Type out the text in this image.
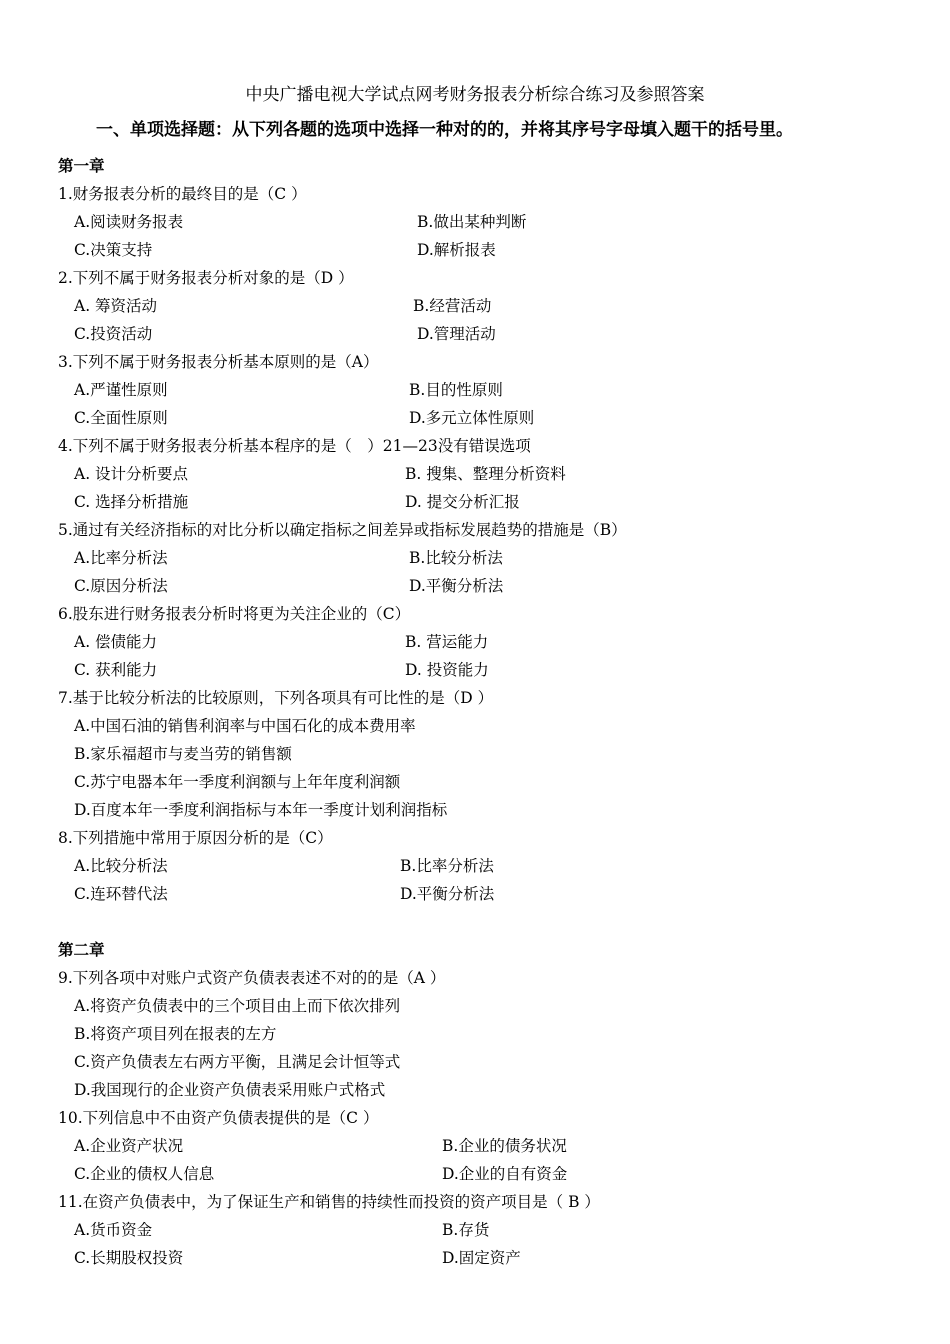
中央广播电视大学试点网考财务报表分析综合练习及参照答案
一、单项选择题：从下列各题的选项中选择一种对的的，并将其序号字母填入题干的括号里。
第一章
1.财务报表分析的最终目的是（C ）
A.阅读财务报表	B.做出某种判断
C.决策支持	D.解析报表
2.下列不属于财务报表分析对象的是（D ）
A. 筹资活动	B.经营活动
C.投资活动	D.管理活动
3.下列不属于财务报表分析基本原则的是（A）
A.严谨性原则	B.目的性原则
C.全面性原则	D.多元立体性原则
4.下列不属于财务报表分析基本程序的是（　）21—23没有错误选项
A. 设计分析要点	B. 搜集、整理分析资料
C. 选择分析措施	D. 提交分析汇报
5.通过有关经济指标的对比分析以确定指标之间差异或指标发展趋势的措施是（B）
A.比率分析法	B.比较分析法
C.原因分析法	D.平衡分析法
6.股东进行财务报表分析时将更为关注企业的（C）
A. 偿债能力	B. 营运能力
C. 获利能力	D. 投资能力
7.基于比较分析法的比较原则，下列各项具有可比性的是（D ）
A.中国石油的销售利润率与中国石化的成本费用率
B.家乐福超市与麦当劳的销售额
C.苏宁电器本年一季度利润额与上年年度利润额
D.百度本年一季度利润指标与本年一季度计划利润指标
8.下列措施中常用于原因分析的是（C）
A.比较分析法	B.比率分析法
C.连环替代法	D.平衡分析法
第二章
9.下列各项中对账户式资产负债表表述不对的的是（A ）
A.将资产负债表中的三个项目由上而下依次排列
B.将资产项目列在报表的左方
C.资产负债表左右两方平衡，且满足会计恒等式
D.我国现行的企业资产负债表采用账户式格式
10.下列信息中不由资产负债表提供的是（C ）
A.企业资产状况	B.企业的债务状况
C.企业的债权人信息	D.企业的自有资金
11.在资产负债表中，为了保证生产和销售的持续性而投资的资产项目是（ B ）
A.货币资金	B.存货
C.长期股权投资	D.固定资产
